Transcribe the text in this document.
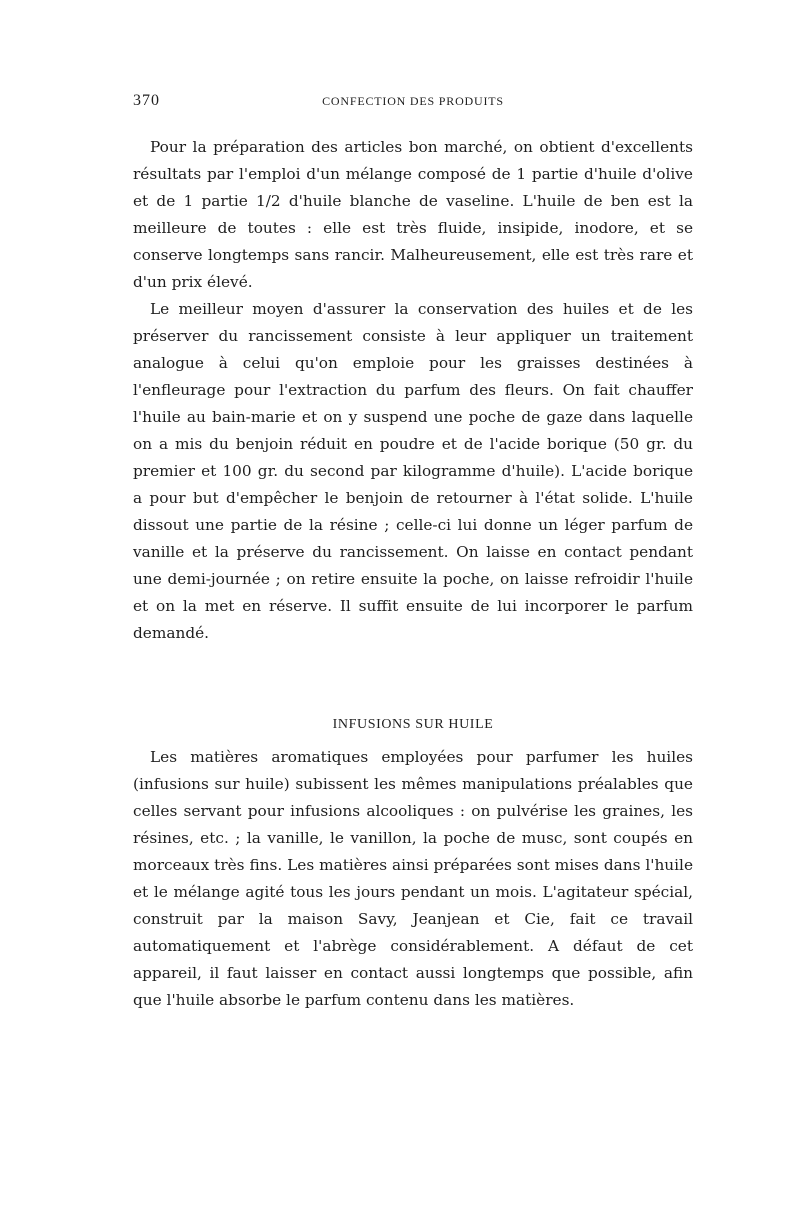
370	CONFECTION DES PRODUITS

Pour la préparation des articles bon marché, on obtient d'excellents résultats par l'emploi d'un mélange composé de 1 partie d'huile d'olive et de 1 partie 1/2 d'huile blanche de vaseline. L'huile de ben est la meilleure de toutes : elle est très fluide, insipide, inodore, et se conserve longtemps sans rancir. Malheureusement, elle est très rare et d'un prix élevé.

Le meilleur moyen d'assurer la conservation des huiles et de les préserver du rancissement consiste à leur appliquer un traitement analogue à celui qu'on emploie pour les graisses destinées à l'enfleurage pour l'extraction du parfum des fleurs. On fait chauffer l'huile au bain-marie et on y suspend une poche de gaze dans laquelle on a mis du benjoin réduit en poudre et de l'acide borique (50 gr. du premier et 100 gr. du second par kilogramme d'huile). L'acide borique a pour but d'empêcher le benjoin de retourner à l'état solide. L'huile dissout une partie de la résine ; celle-ci lui donne un léger parfum de vanille et la préserve du rancissement. On laisse en contact pendant une demi-journée ; on retire ensuite la poche, on laisse refroidir l'huile et on la met en réserve. Il suffit ensuite de lui incorporer le parfum demandé.

INFUSIONS SUR HUILE

Les matières aromatiques employées pour parfumer les huiles (infusions sur huile) subissent les mêmes manipulations préalables que celles servant pour infusions alcooliques : on pulvérise les graines, les résines, etc. ; la vanille, le vanillon, la poche de musc, sont coupés en morceaux très fins. Les matières ainsi préparées sont mises dans l'huile et le mélange agité tous les jours pendant un mois. L'agitateur spécial, construit par la maison Savy, Jeanjean et Cie, fait ce travail automatiquement et l'abrège considérablement. A défaut de cet appareil, il faut laisser en contact aussi longtemps que possible, afin que l'huile absorbe le parfum contenu dans les matières.
